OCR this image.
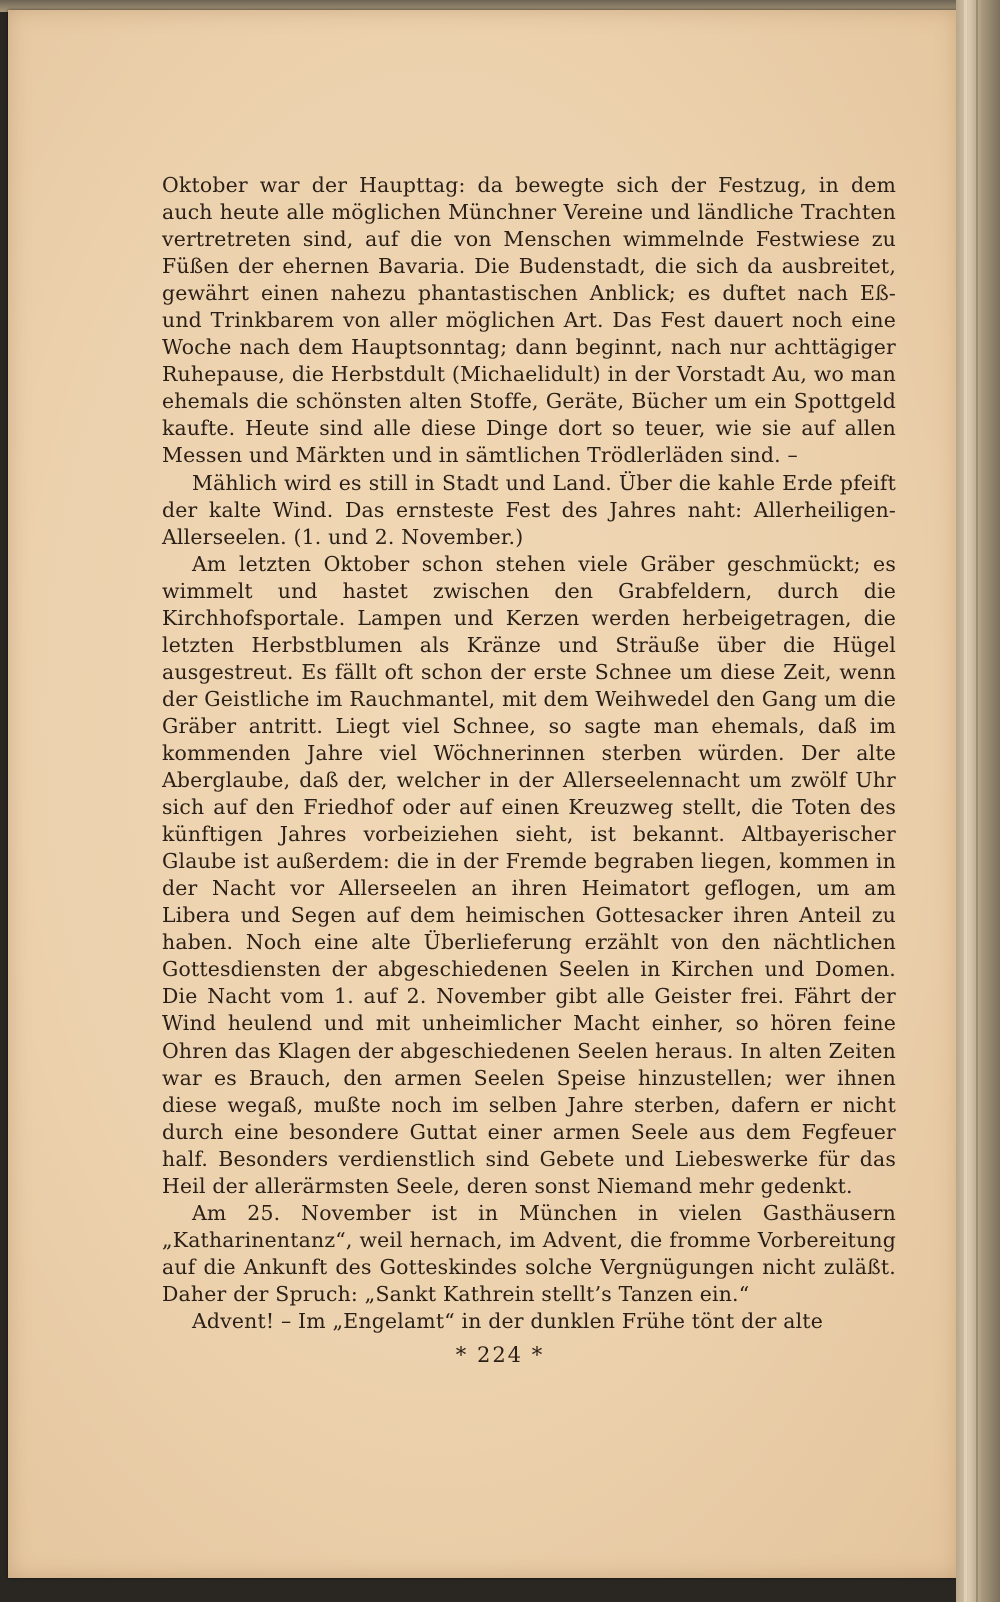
Oktober war der Haupttag: da bewegte sich der Festzug, in dem auch heute alle möglichen Münchner Vereine und ländliche Trachten vertretreten sind, auf die von Menschen wimmelnde Festwiese zu Füßen der ehernen Bavaria. Die Budenstadt, die sich da ausbreitet, gewährt einen nahezu phantastischen Anblick; es duftet nach Eß- und Trinkbarem von aller möglichen Art. Das Fest dauert noch eine Woche nach dem Hauptsonntag; dann beginnt, nach nur achttägiger Ruhepause, die Herbstdult (Michaelidult) in der Vorstadt Au, wo man ehemals die schönsten alten Stoffe, Geräte, Bücher um ein Spottgeld kaufte. Heute sind alle diese Dinge dort so teuer, wie sie auf allen Messen und Märkten und in sämtlichen Trödlerläden sind. –

Mählich wird es still in Stadt und Land. Über die kahle Erde pfeift der kalte Wind. Das ernsteste Fest des Jahres naht: Allerheiligen-Allerseelen. (1. und 2. November.)

Am letzten Oktober schon stehen viele Gräber geschmückt; es wimmelt und hastet zwischen den Grabfeldern, durch die Kirchhofsportale. Lampen und Kerzen werden herbeigetragen, die letzten Herbstblumen als Kränze und Sträuße über die Hügel ausgestreut. Es fällt oft schon der erste Schnee um diese Zeit, wenn der Geistliche im Rauchmantel, mit dem Weihwedel den Gang um die Gräber antritt. Liegt viel Schnee, so sagte man ehemals, daß im kommenden Jahre viel Wöchnerinnen sterben würden. Der alte Aberglaube, daß der, welcher in der Allerseelennacht um zwölf Uhr sich auf den Friedhof oder auf einen Kreuzweg stellt, die Toten des künftigen Jahres vorbeiziehen sieht, ist bekannt. Altbayerischer Glaube ist außerdem: die in der Fremde begraben liegen, kommen in der Nacht vor Allerseelen an ihren Heimatort geflogen, um am Libera und Segen auf dem heimischen Gottesacker ihren Anteil zu haben. Noch eine alte Überlieferung erzählt von den nächtlichen Gottesdiensten der abgeschiedenen Seelen in Kirchen und Domen. Die Nacht vom 1. auf 2. November gibt alle Geister frei. Fährt der Wind heulend und mit unheimlicher Macht einher, so hören feine Ohren das Klagen der abgeschiedenen Seelen heraus. In alten Zeiten war es Brauch, den armen Seelen Speise hinzustellen; wer ihnen diese wegaß, mußte noch im selben Jahre sterben, dafern er nicht durch eine besondere Guttat einer armen Seele aus dem Fegfeuer half. Besonders verdienstlich sind Gebete und Liebeswerke für das Heil der allerärmsten Seele, deren sonst Niemand mehr gedenkt.

Am 25. November ist in München in vielen Gasthäusern „Katharinentanz“, weil hernach, im Advent, die fromme Vorbereitung auf die Ankunft des Gotteskindes solche Vergnügungen nicht zuläßt. Daher der Spruch: „Sankt Kathrein stellt’s Tanzen ein.“

Advent! – Im „Engelamt“ in der dunklen Frühe tönt der alte

* 224 *
